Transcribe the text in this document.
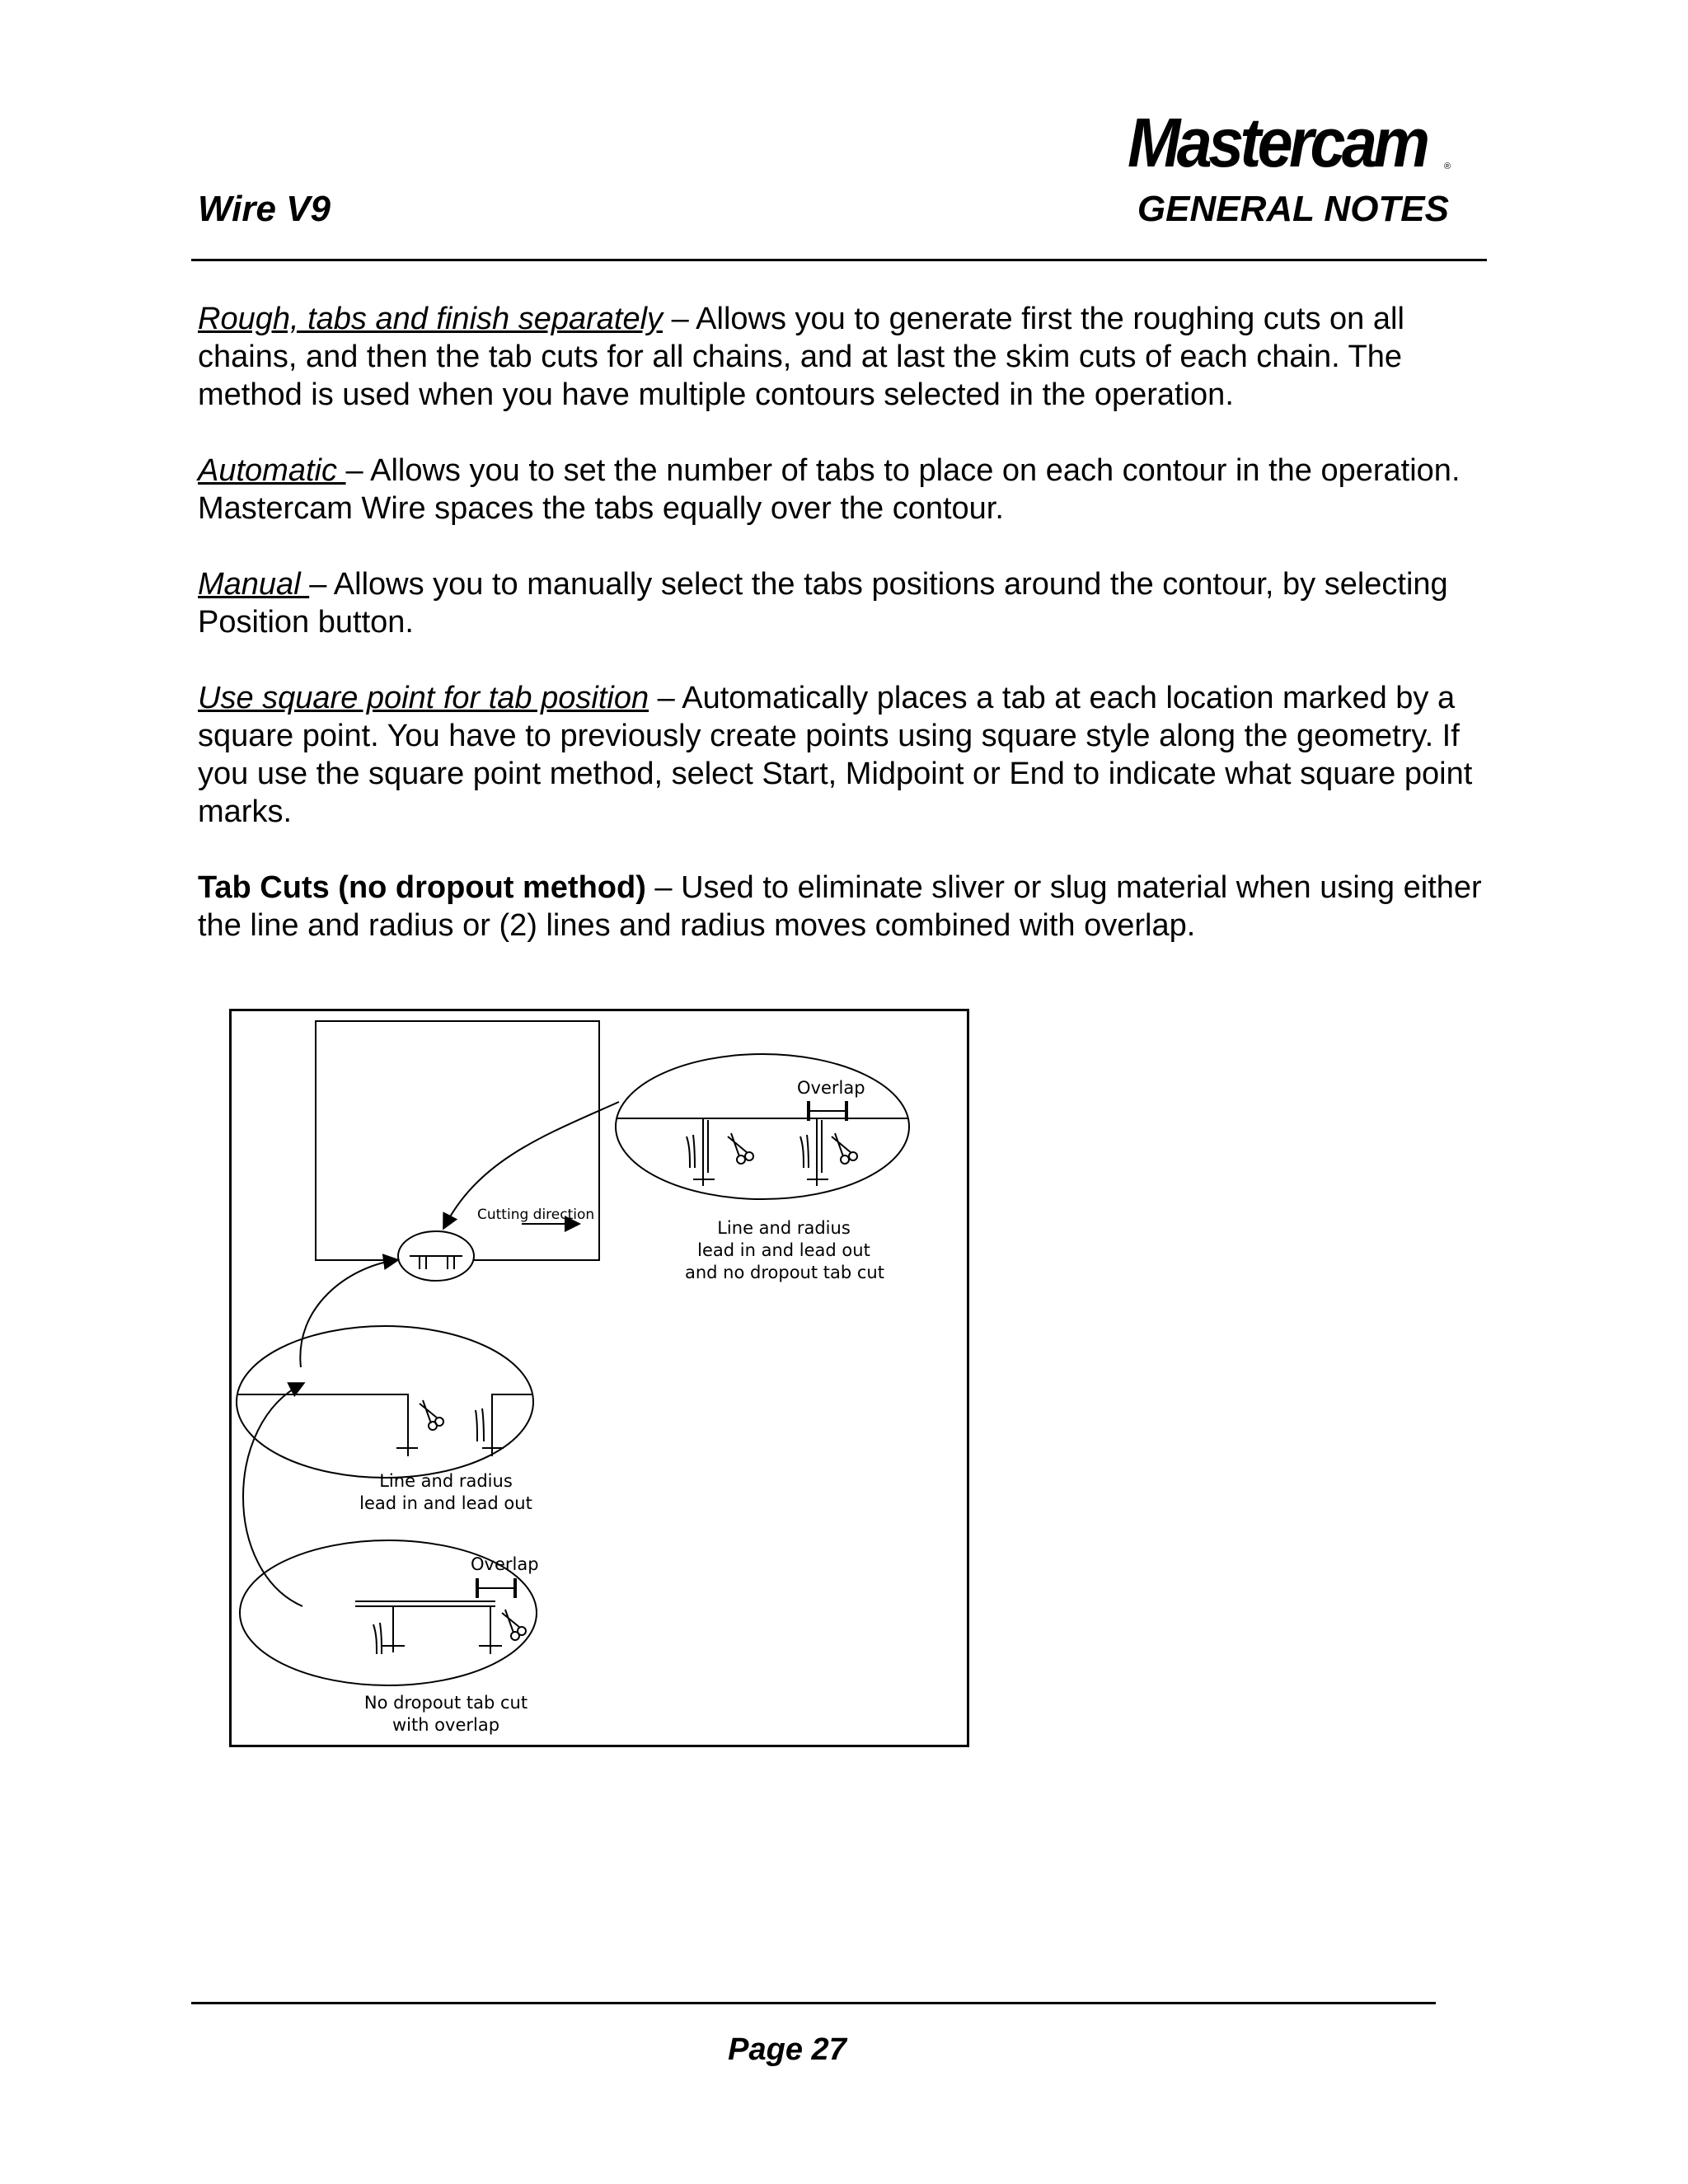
Mastercam ®
Wire V9	GENERAL NOTES
Rough, tabs and finish separately – Allows you to generate first the roughing cuts on all chains, and then the tab cuts for all chains, and at last the skim cuts of each chain. The method is used when you have multiple contours selected in the operation.
Automatic – Allows you to set the number of tabs to place on each contour in the operation. Mastercam Wire spaces the tabs equally over the contour.
Manual – Allows you to manually select the tabs positions around the contour, by selecting Position button.
Use square point for tab position – Automatically places a tab at each location marked by a square point. You have to previously create points using square style along the geometry. If you use the square point method, select Start, Midpoint or End to indicate what square point marks.
Tab Cuts (no dropout method) – Used to eliminate sliver or slug material when using either the line and radius or (2) lines and radius moves combined with overlap.
Cutting direction
Overlap
Line and radius
lead in and lead out
and no dropout tab cut
Line and radius
lead in and lead out
Overlap
No dropout tab cut
with overlap
Page 27
